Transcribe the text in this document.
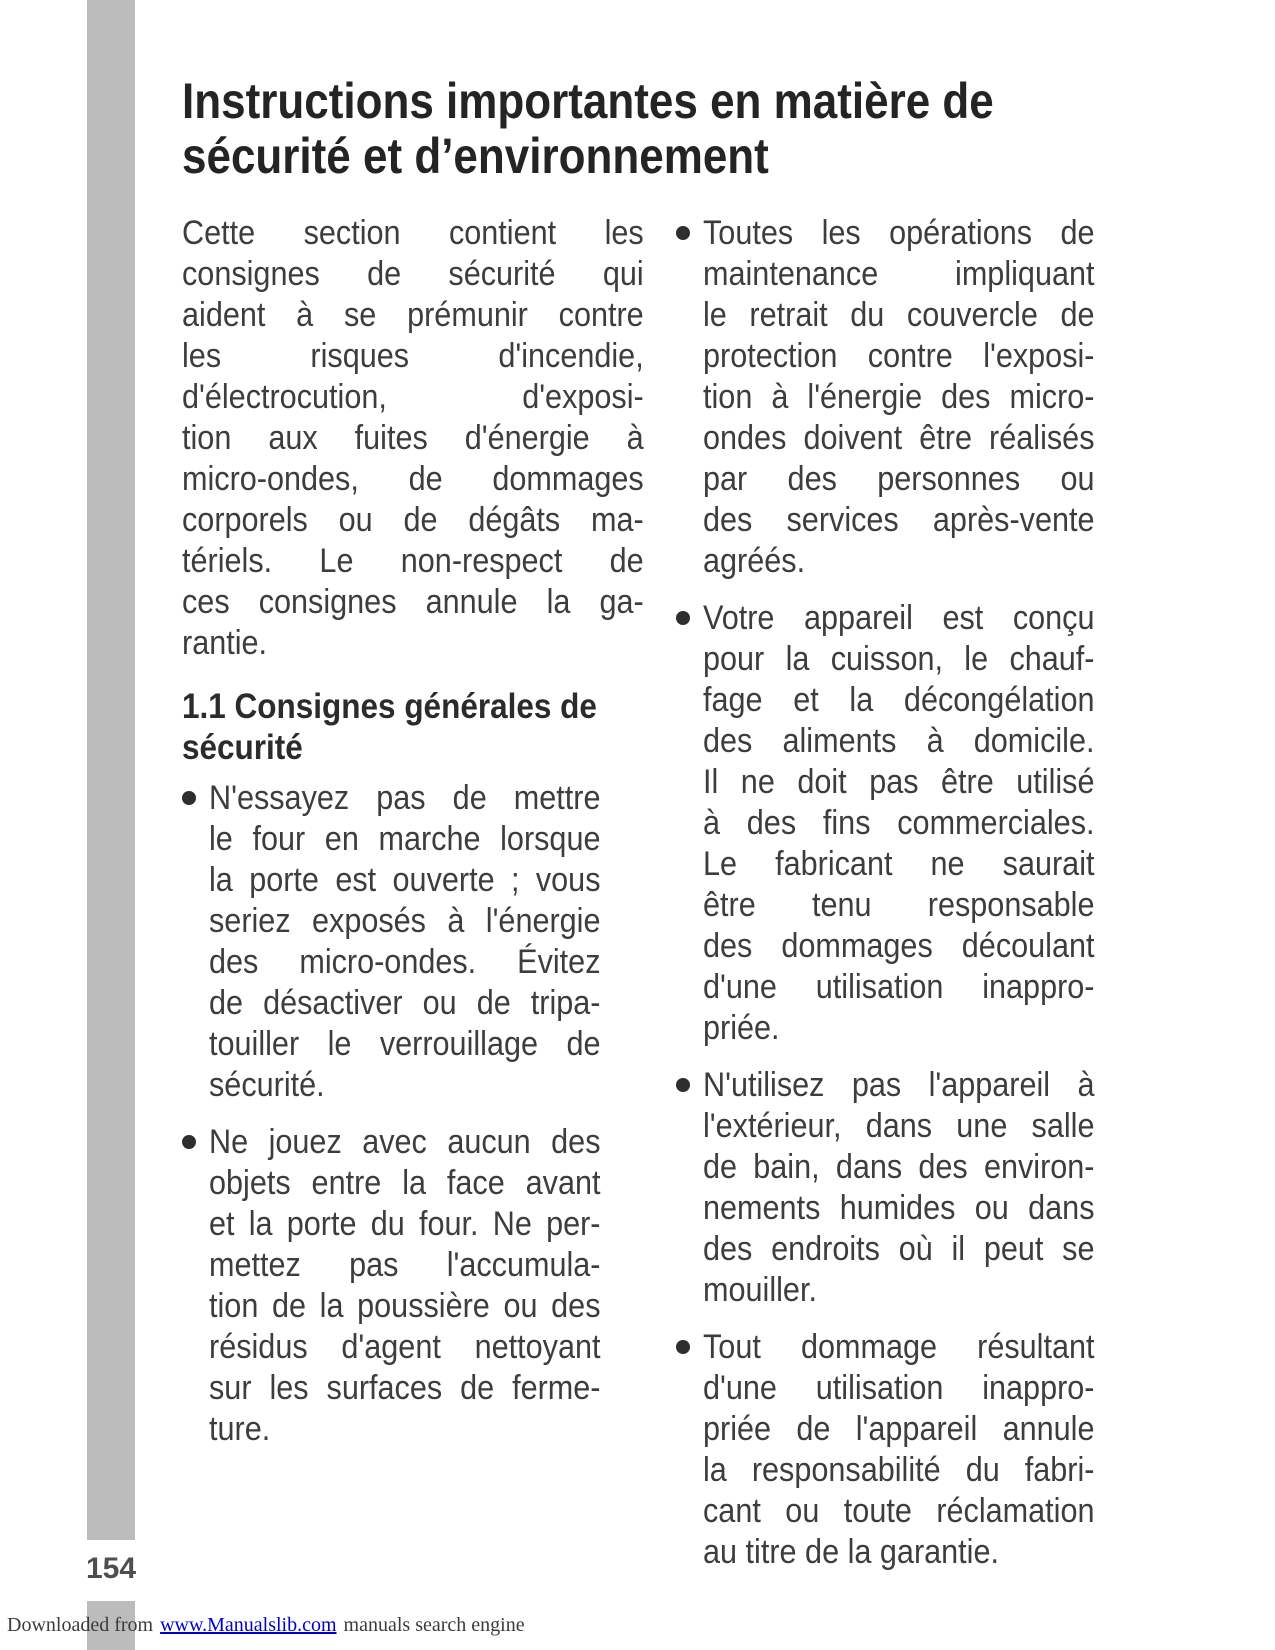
Instructions importantes en matière de
sécurité et d’environnement
Cette section contient les
consignes de sécurité qui
aident à se prémunir contre
les risques d'incendie,
d'électrocution, d'exposi-
tion aux fuites d'énergie à
micro-ondes, de dommages
corporels ou de dégâts ma-
tériels. Le non-respect de
ces consignes annule la ga-
rantie.
1.1 Consignes générales de
sécurité
N'essayez pas de mettre
le four en marche lorsque
la porte est ouverte ; vous
seriez exposés à l'énergie
des micro-ondes. Évitez
de désactiver ou de tripa-
touiller le verrouillage de
sécurité.
Ne jouez avec aucun des
objets entre la face avant
et la porte du four. Ne per-
mettez pas l'accumula-
tion de la poussière ou des
résidus d'agent nettoyant
sur les surfaces de ferme-
ture.
Toutes les opérations de
maintenance impliquant
le retrait du couvercle de
protection contre l'exposi-
tion à l'énergie des micro-
ondes doivent être réalisés
par des personnes ou
des services après-vente
agréés.
Votre appareil est conçu
pour la cuisson, le chauf-
fage et la décongélation
des aliments à domicile.
Il ne doit pas être utilisé
à des fins commerciales.
Le fabricant ne saurait
être tenu responsable
des dommages découlant
d'une utilisation inappro-
priée.
N'utilisez pas l'appareil à
l'extérieur, dans une salle
de bain, dans des environ-
nements humides ou dans
des endroits où il peut se
mouiller.
Tout dommage résultant
d'une utilisation inappro-
priée de l'appareil annule
la responsabilité du fabri-
cant ou toute réclamation
au titre de la garantie.
154
Downloaded from www.Manualslib.com manuals search engine
